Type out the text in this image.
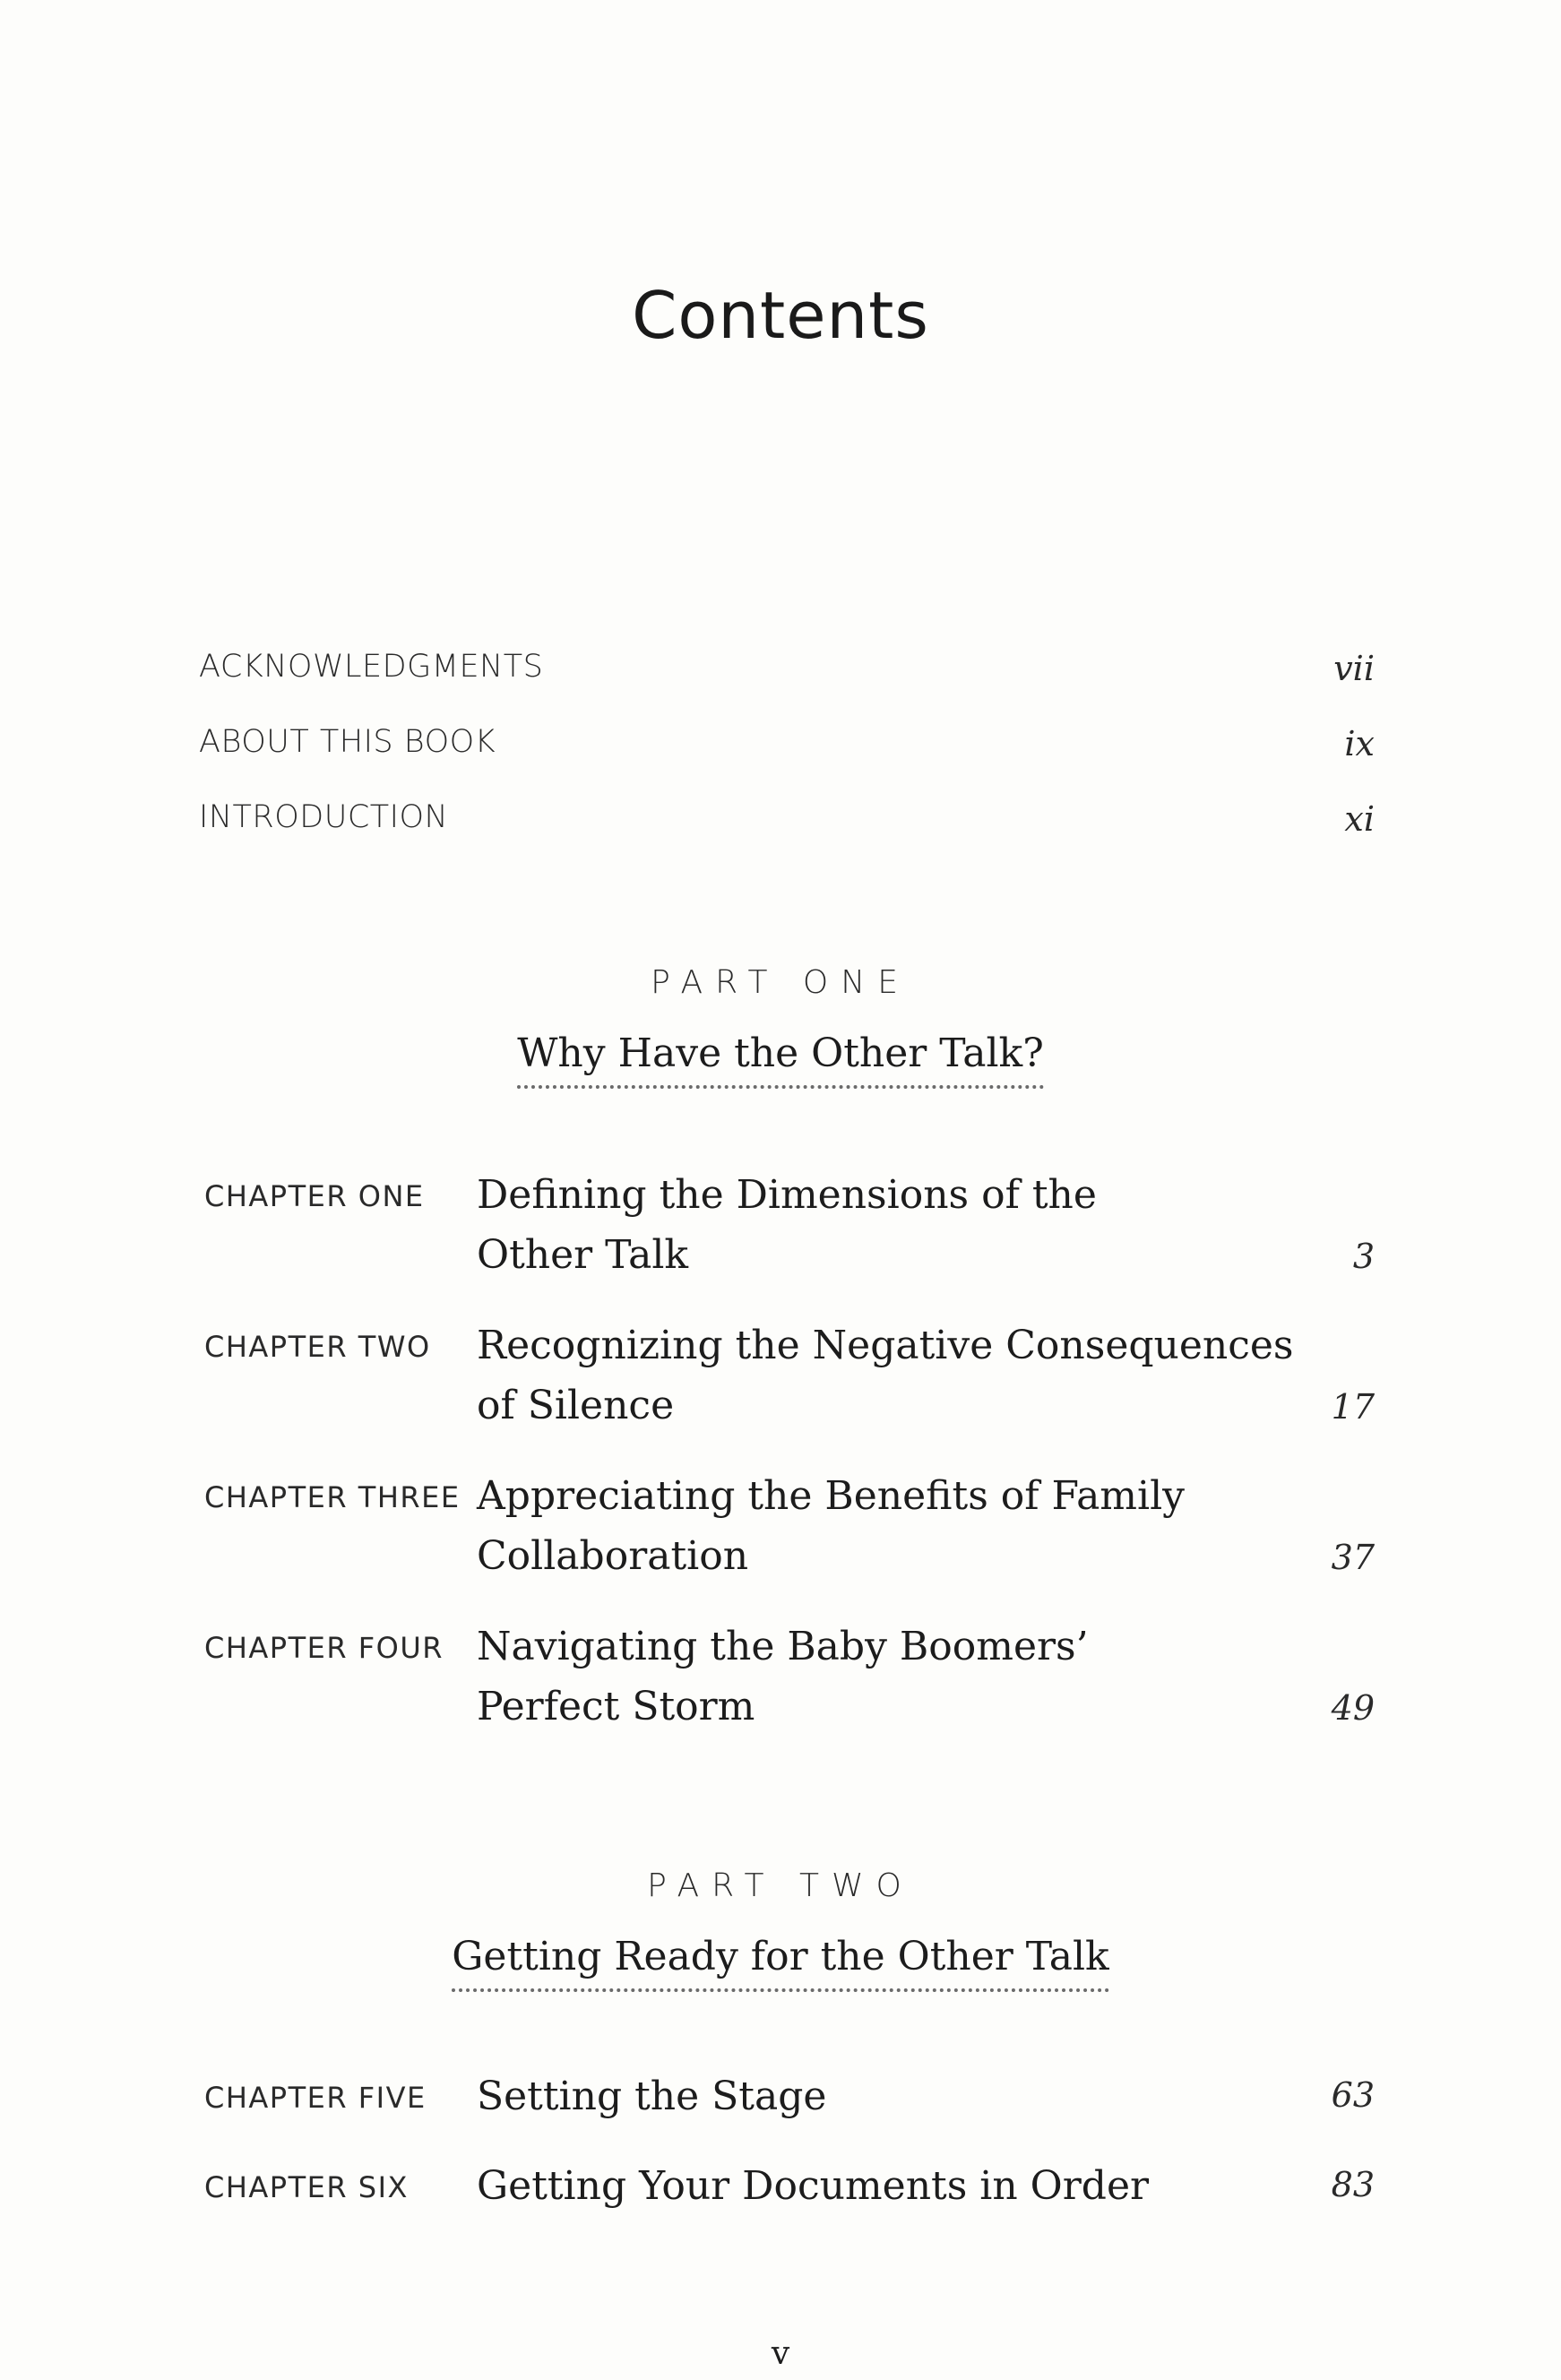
Contents
ACKNOWLEDGMENTS	vii
ABOUT THIS BOOK	ix
INTRODUCTION	xi
PART ONE
Why Have the Other Talk?
CHAPTER ONE Defining the Dimensions of the
Other Talk	3
CHAPTER TWO Recognizing the Negative Consequences
of Silence	17
CHAPTER THREE Appreciating the Benefits of Family
Collaboration	37
CHAPTER FOUR Navigating the Baby Boomers’
Perfect Storm	49
PART TWO
Getting Ready for the Other Talk
CHAPTER FIVE Setting the Stage	63
CHAPTER SIX Getting Your Documents in Order	83
v
